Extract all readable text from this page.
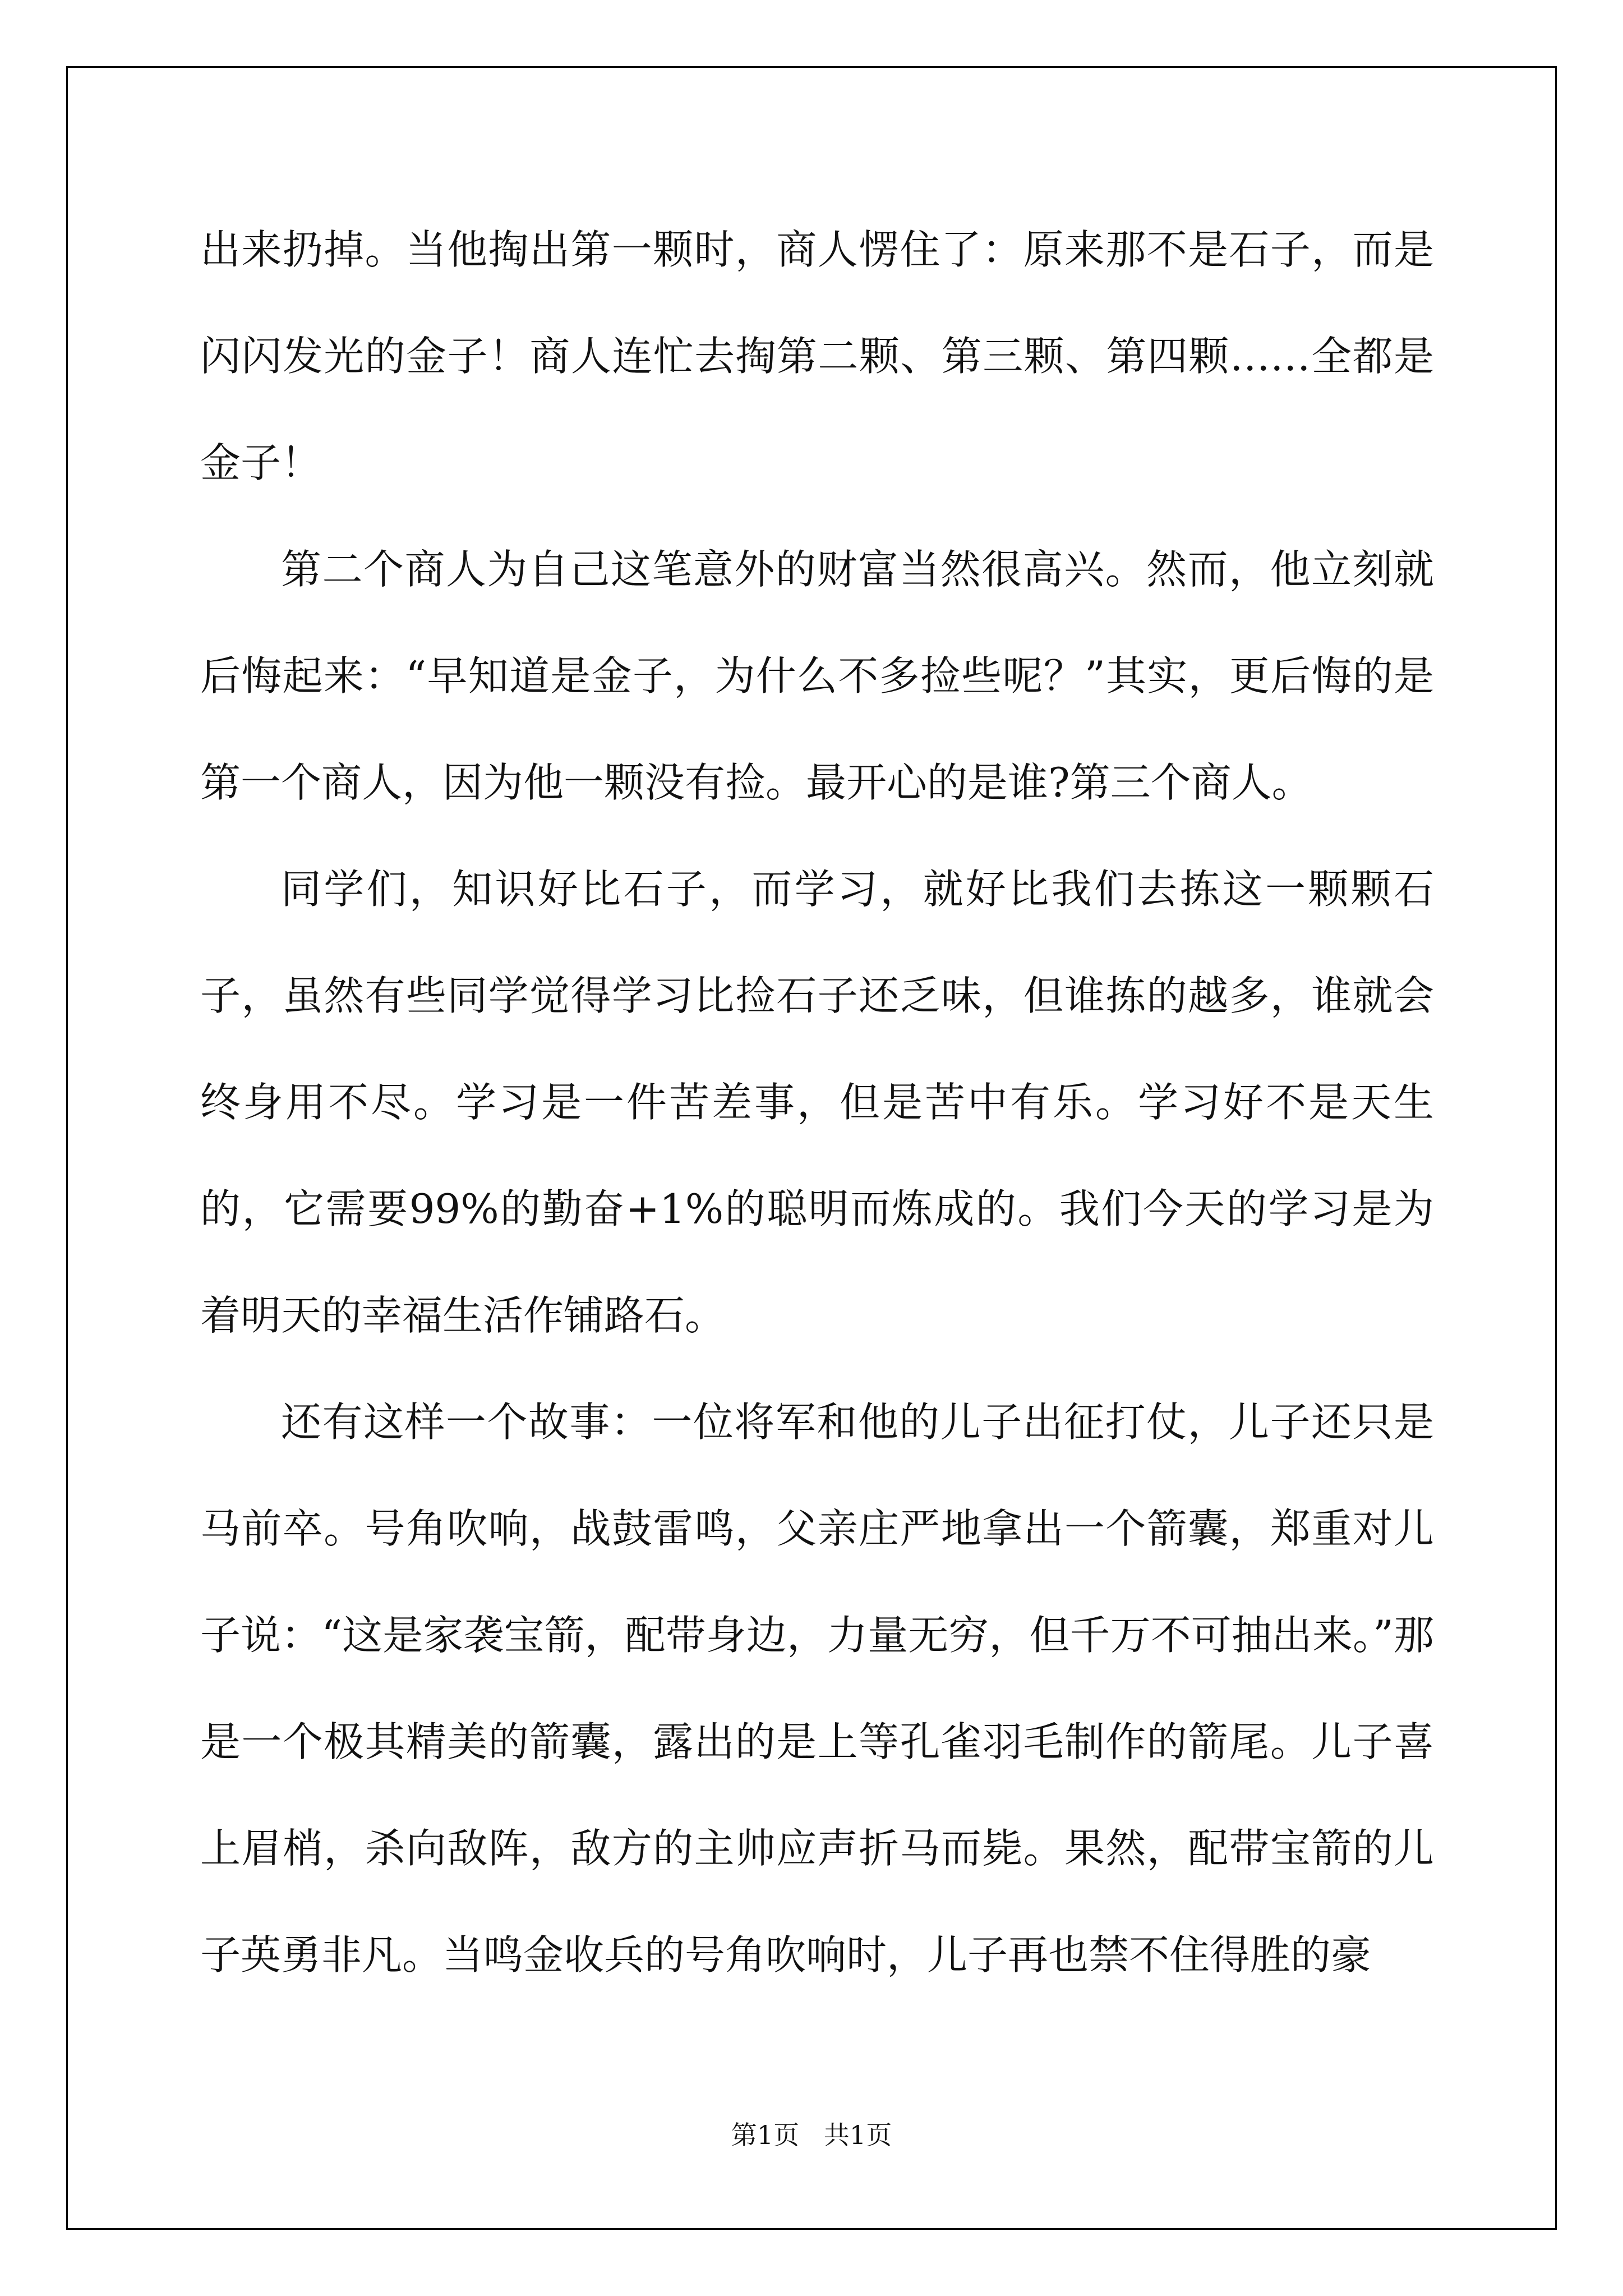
出来扔掉。当他掏出第一颗时，商人愣住了：原来那不是石子，而是闪闪发光的金子！商人连忙去掏第二颗、第三颗、第四颗……全都是金子！

第二个商人为自己这笔意外的财富当然很高兴。然而，他立刻就后悔起来：“早知道是金子，为什么不多捡些呢？”其实，更后悔的是第一个商人，因为他一颗没有捡。最开心的是谁?第三个商人。

同学们，知识好比石子，而学习，就好比我们去拣这一颗颗石子，虽然有些同学觉得学习比捡石子还乏味，但谁拣的越多，谁就会终身用不尽。学习是一件苦差事，但是苦中有乐。学习好不是天生的，它需要99%的勤奋+1%的聪明而炼成的。我们今天的学习是为着明天的幸福生活作铺路石。

还有这样一个故事：一位将军和他的儿子出征打仗，儿子还只是马前卒。号角吹响，战鼓雷鸣，父亲庄严地拿出一个箭囊，郑重对儿子说：“这是家袭宝箭，配带身边，力量无穷，但千万不可抽出来。”那是一个极其精美的箭囊，露出的是上等孔雀羽毛制作的箭尾。儿子喜上眉梢，杀向敌阵，敌方的主帅应声折马而毙。果然，配带宝箭的儿子英勇非凡。当鸣金收兵的号角吹响时，儿子再也禁不住得胜的豪

第1页   共1页
